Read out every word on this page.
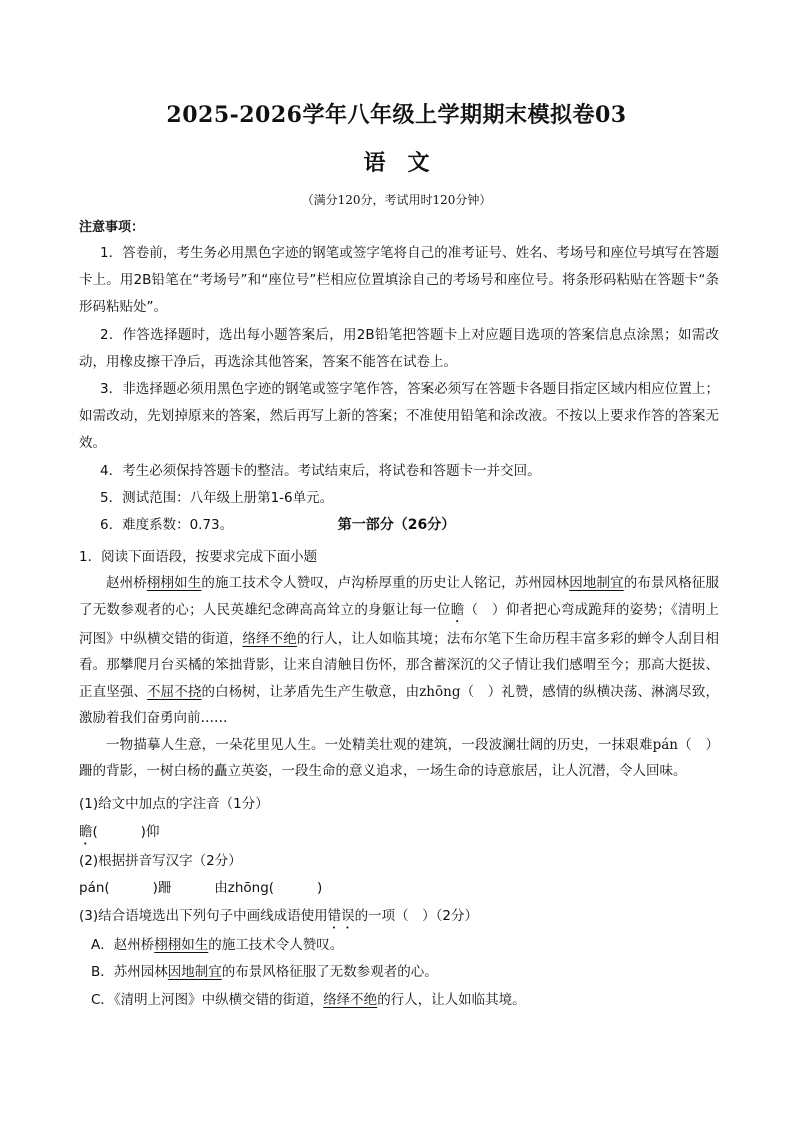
2025-2026学年八年级上学期期末模拟卷03
语文
（满分120分，考试用时120分钟）
注意事项：

1．答卷前，考生务必用黑色字迹的钢笔或签字笔将自己的准考证号、姓名、考场号和座位号填写在答题卡上。用2B铅笔在“考场号”和“座位号”栏相应位置填涂自己的考场号和座位号。将条形码粘贴在答题卡“条形码粘贴处”。

2．作答选择题时，选出每小题答案后，用2B铅笔把答题卡上对应题目选项的答案信息点涂黑；如需改动，用橡皮擦干净后，再选涂其他答案，答案不能答在试卷上。

3．非选择题必须用黑色字迹的钢笔或签字笔作答，答案必须写在答题卡各题目指定区域内相应位置上；如需改动，先划掉原来的答案，然后再写上新的答案；不准使用铅笔和涂改液。不按以上要求作答的答案无效。

4．考生必须保持答题卡的整洁。考试结束后，将试卷和答题卡一并交回。

5．测试范围：八年级上册第1-6单元。

6．难度系数：0.73。	第一部分（26分）
1．阅读下面语段，按要求完成下面小题

赵州桥栩栩如生的施工技术令人赞叹，卢沟桥厚重的历史让人铭记，苏州园林因地制宜的布景风格征服了无数参观者的心；人民英雄纪念碑高高耸立的身躯让每一位瞻（　）仰者把心弯成跪拜的姿势；《清明上河图》中纵横交错的街道，络绎不绝的行人，让人如临其境；法布尔笔下生命历程丰富多彩的蝉令人刮目相看。那攀爬月台买橘的笨拙背影，让来自清触目伤怀，那含蓄深沉的父子情让我们感喟至今；那高大挺拔、正直坚强、不屈不挠的白杨树，让茅盾先生产生敬意，由zhōng（　）礼赞，感情的纵横决荡、淋漓尽致，激励着我们奋勇向前……

一物描摹人生意，一朵花里见人生。一处精美壮观的建筑，一段波澜壮阔的历史，一抹艰难pán（　）跚的背影，一树白杨的矗立英姿，一段生命的意义追求，一场生命的诗意旅居，让人沉潜，令人回味。

(1)给文中加点的字注音（1分）
瞻(          )仰
(2)根据拼音写汉字（2分）
pán(          )跚          由zhōng(          )
(3)结合语境选出下列句子中画线成语使用错误的一项（　）（2分）
A．赵州桥栩栩如生的施工技术令人赞叹。
B．苏州园林因地制宜的布景风格征服了无数参观者的心。
C．《清明上河图》中纵横交错的街道，络绎不绝的行人，让人如临其境。
